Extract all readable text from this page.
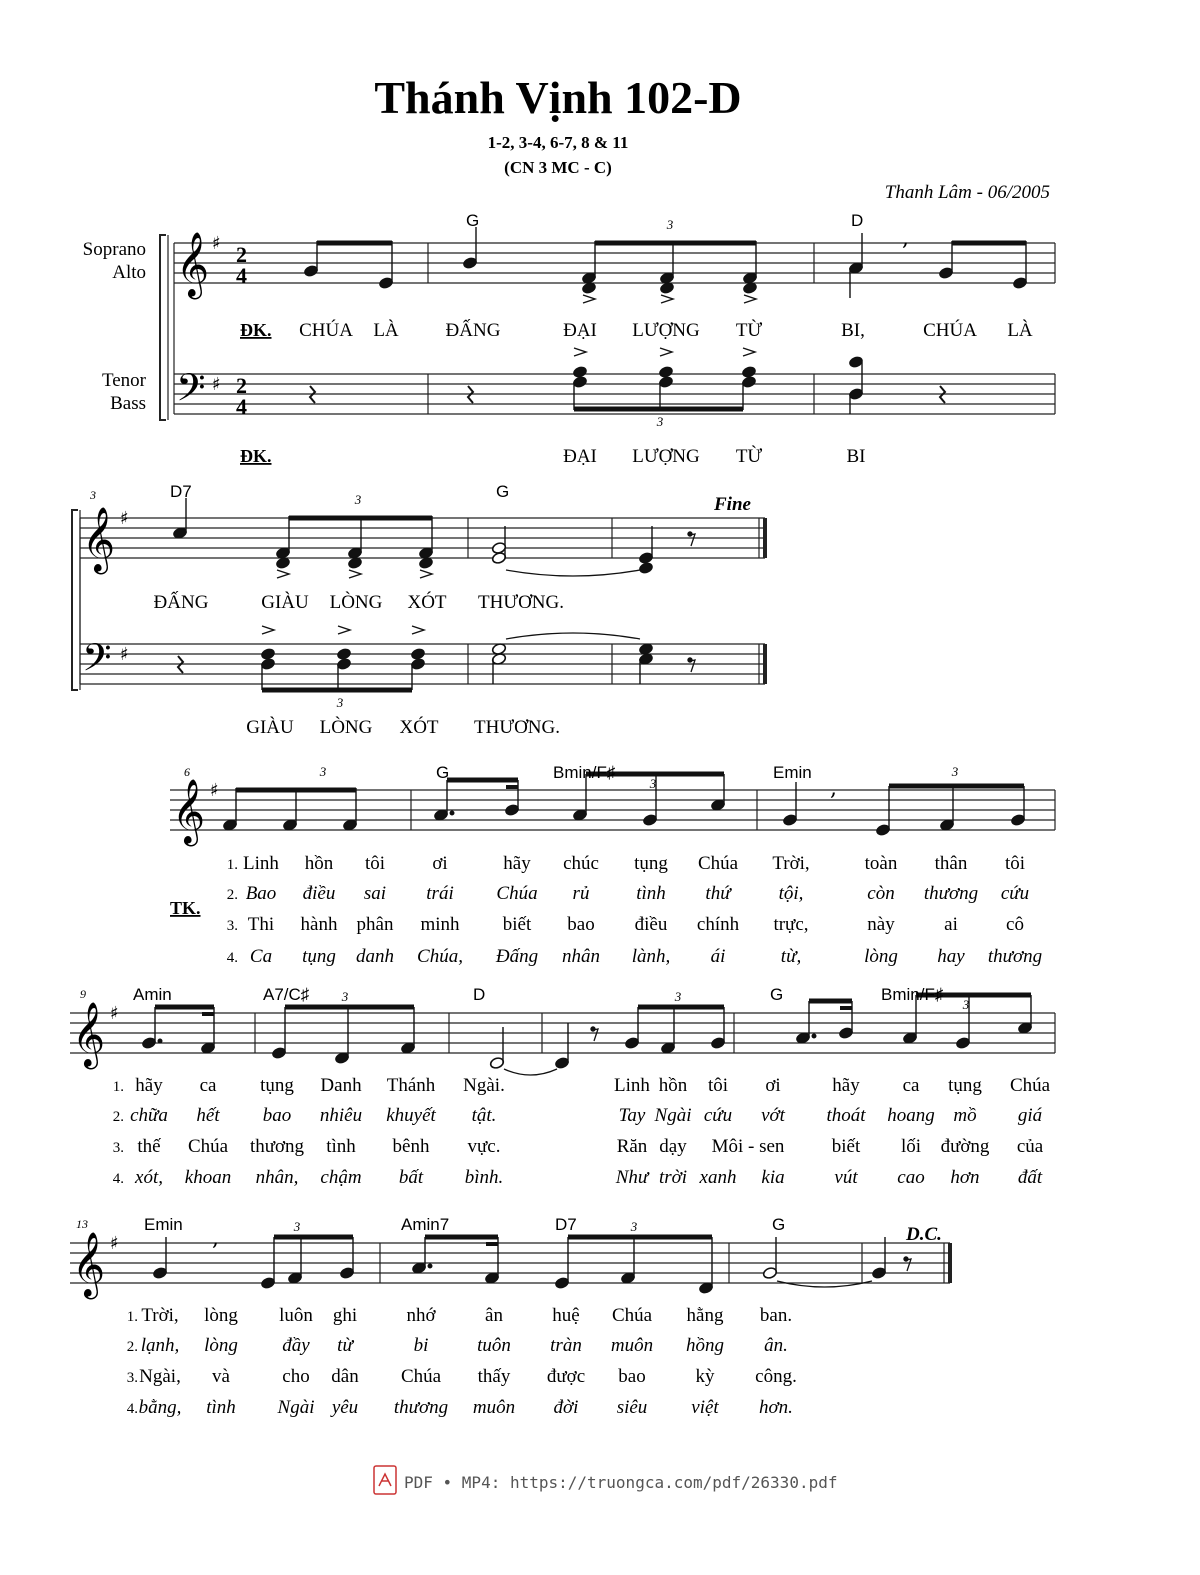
Thánh Vịnh 102-D
1-2, 3-4, 6-7, 8 & 11
(CN 3 MC - C)
Thanh Lâm - 06/2005
Soprano
Alto
Tenor
Bass
𝄞
𝄢
♯
♯
2
4
2
4
3
,
3
𝄞
𝄢
♯
♯
3
3
𝄞 ♯
3
3	,
3
𝄞 ♯
3	3
3
𝄞 ♯	,	3	3
G	D
D7	G
G	Bmin/F♯	Emin
Amin	A7/C♯	D	G	Bmin/F♯
Emin	Amin7	D7	G
3
6
9
13
Fine
D.C.
ĐK.
ĐK.
TK.
CHÚA LÀ ĐẤNG	ĐẠI LƯỢNG TỪ	BI,	CHÚA LÀ
ĐẠI LƯỢNG TỪ	BI
ĐẤNG	GIÀU LÒNG XÓT THƯƠNG.
GIÀU LÒNG XÓT THƯƠNG.
1. Linh hồn tôi ơi	hãy chúc tụng Chúa Trời,	toàn thân tôi
2. Bao điều sai trái Chúa rủ tình thứ	tội,	còn thương cứu
3. Thi hành phân minh biết bao điều chính trực,	này	ai	cô
4. Ca tụng danh Chúa, Đấng nhân lành, ái	từ,	lòng hay thương
1. hãy ca tụng Danh Thánh Ngài.	Linh hồn tôi ơi	hãy ca tụng Chúa
2. chữa hết bao nhiêu khuyết tật.	Tay Ngài cứu vớt thoát hoang mồ giá
3. thế Chúa thương tình bênh vực.	Răn dạy Môi - sen biết lối đường của
4. xót, khoan nhân, chậm bất bình.	Như trời xanh kia	vút cao hơn đất
1. Trời, lòng luôn ghi	nhớ	ân	huệ Chúa hằng ban.
2. lạnh, lòng đầy từ	bi	tuôn tràn muôn hồng ân.
3. Ngài, và	cho dân Chúa thấy được bao	kỳ công.
4. bằng, tình Ngài yêu thương muôn đời siêu việt hơn.
PDF • MP4: https://truongca.com/pdf/26330.pdf
